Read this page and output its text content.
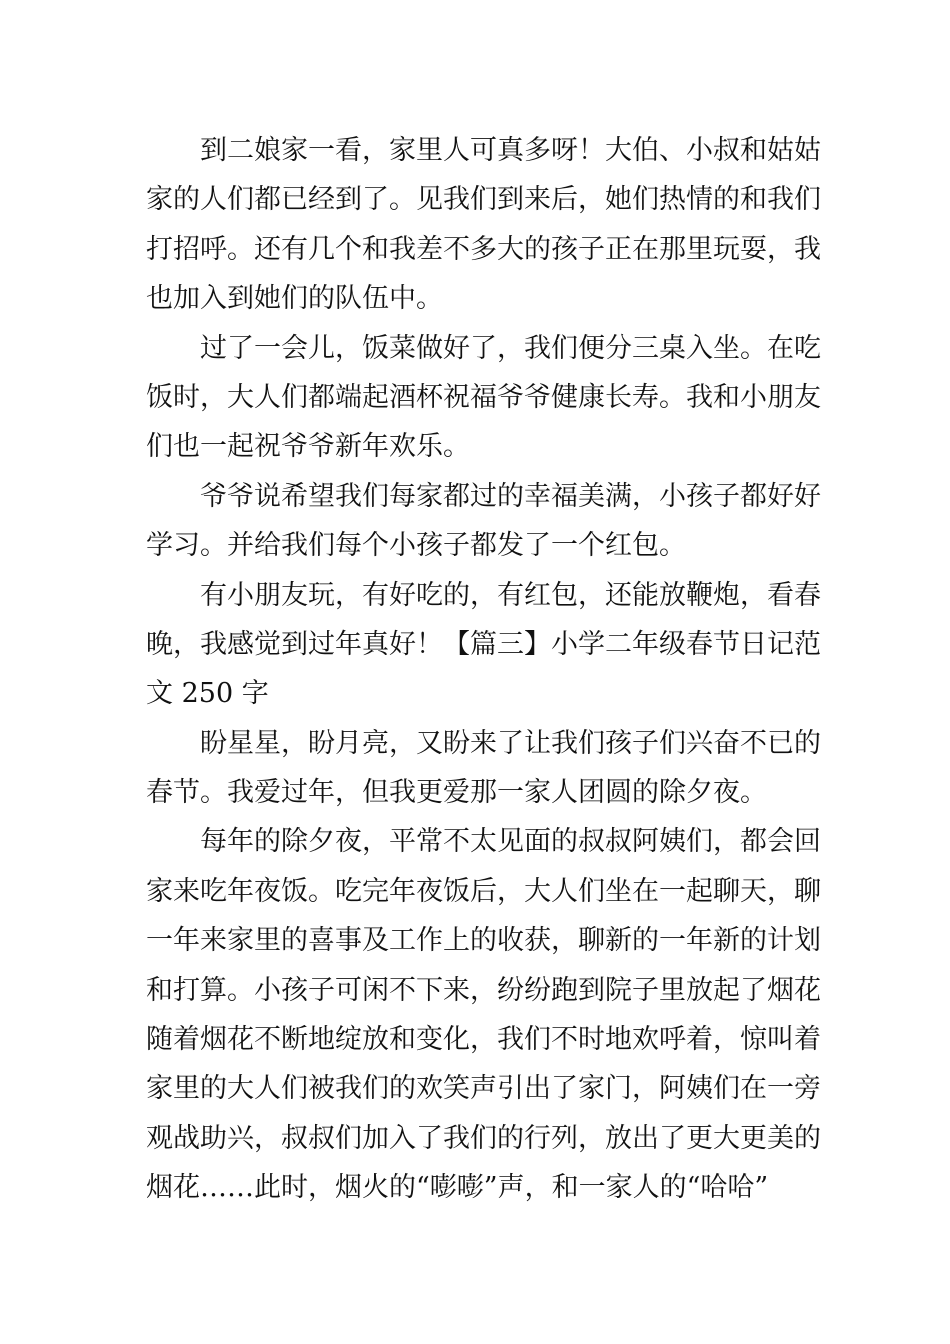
到二娘家一看，家里人可真多呀！大伯、小叔和姑姑
家的人们都已经到了。见我们到来后，她们热情的和我们
打招呼。还有几个和我差不多大的孩子正在那里玩耍，我
也加入到她们的队伍中。
过了一会儿，饭菜做好了，我们便分三桌入坐。在吃
饭时，大人们都端起酒杯祝福爷爷健康长寿。我和小朋友
们也一起祝爷爷新年欢乐。
爷爷说希望我们每家都过的幸福美满，小孩子都好好
学习。并给我们每个小孩子都发了一个红包。
有小朋友玩，有好吃的，有红包，还能放鞭炮，看春
晚，我感觉到过年真好！【篇三】小学二年级春节日记范
文 250 字
盼星星，盼月亮，又盼来了让我们孩子们兴奋不已的
春节。我爱过年，但我更爱那一家人团圆的除夕夜。
每年的除夕夜，平常不太见面的叔叔阿姨们，都会回
家来吃年夜饭。吃完年夜饭后，大人们坐在一起聊天，聊
一年来家里的喜事及工作上的收获，聊新的一年新的计划
和打算。小孩子可闲不下来，纷纷跑到院子里放起了烟花
随着烟花不断地绽放和变化，我们不时地欢呼着，惊叫着
家里的大人们被我们的欢笑声引出了家门，阿姨们在一旁
观战助兴，叔叔们加入了我们的行列，放出了更大更美的
烟花……此时，烟火的“嘭嘭”声，和一家人的“哈哈”
